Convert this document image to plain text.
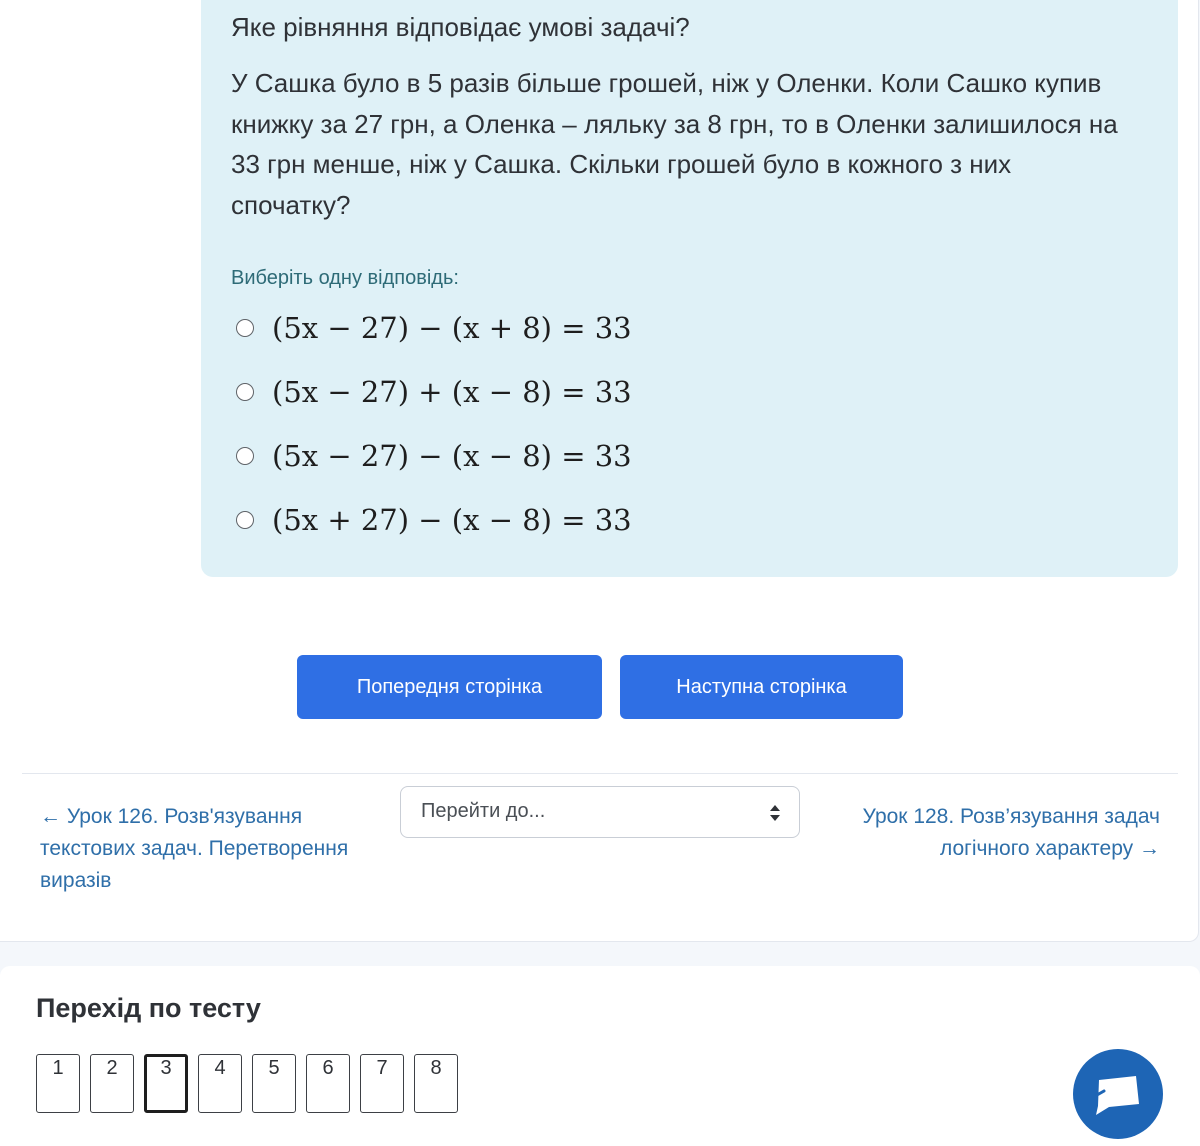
Яке рівняння відповідає умові задачі?
У Сашка було в 5 разів більше грошей, ніж у Оленки. Коли Сашко купив книжку за 27 грн, а Оленка – ляльку за 8 грн, то в Оленки залишилося на 33 грн менше, ніж у Сашка. Скільки грошей було в кожного з них спочатку?
Виберіть одну відповідь:
(5x − 27) − (x + 8) = 33
(5x − 27) + (x − 8) = 33
(5x − 27) − (x − 8) = 33
(5x + 27) − (x − 8) = 33
Попередня сторінка	Наступна сторінка
← Урок 126. Розв'язування текстових задач. Перетворення виразів
Перейти до...	Урок 128. Розв’язування задач логічного характеру →
Перехід по тесту
1	2	3	4	5	6	7	8
